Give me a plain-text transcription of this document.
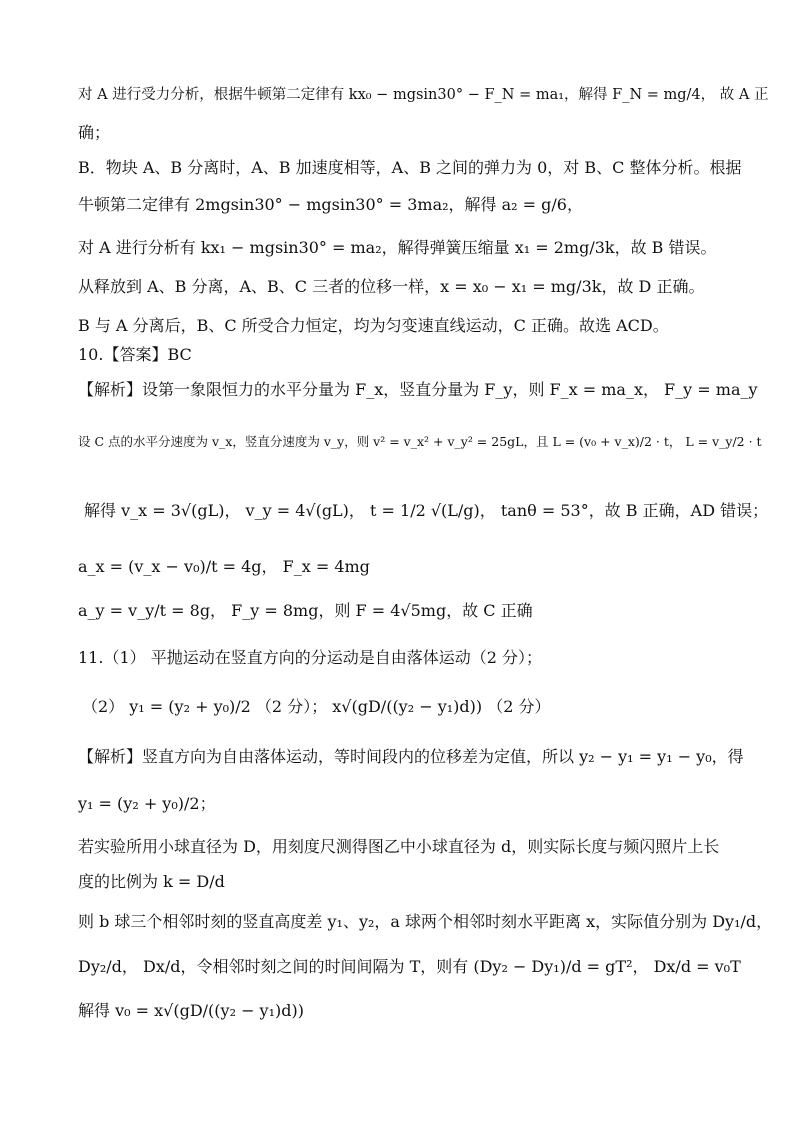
对 A 进行受力分析，根据牛顿第二定律有 kx₀ − mgsin30° − F_N = ma₁，解得 F_N = mg/4， 故 A 正
确；
B．物块 A、B 分离时，A、B 加速度相等，A、B 之间的弹力为 0，对 B、C 整体分析。根据
牛顿第二定律有 2mgsin30° − mgsin30° = 3ma₂，解得 a₂ = g/6，
对 A 进行分析有 kx₁ − mgsin30° = ma₂，解得弹簧压缩量 x₁ = 2mg/3k，故 B 错误。
从释放到 A、B 分离，A、B、C 三者的位移一样，x = x₀ − x₁ = mg/3k，故 D 正确。
B 与 A 分离后，B、C 所受合力恒定，均为匀变速直线运动，C 正确。故选 ACD。
10.【答案】BC
【解析】设第一象限恒力的水平分量为 F_x，竖直分量为 F_y，则 F_x = ma_x， F_y = ma_y
设 C 点的水平分速度为 v_x，竖直分速度为 v_y，则 v² = v_x² + v_y² = 25gL，且 L = (v₀ + v_x)/2 · t， L = v_y/2 · t
解得 v_x = 3√(gL)， v_y = 4√(gL)， t = 1/2 √(L/g)， tanθ = 53°，故 B 正确，AD 错误；
a_x = (v_x − v₀)/t = 4g， F_x = 4mg
a_y = v_y/t = 8g， F_y = 8mg，则 F = 4√5mg，故 C 正确
11.（1） 平抛运动在竖直方向的分运动是自由落体运动（2 分）；
（2） y₁ = (y₂ + y₀)/2 （2 分）； x√(gD/((y₂ − y₁)d)) （2 分）
【解析】竖直方向为自由落体运动，等时间段内的位移差为定值，所以 y₂ − y₁ = y₁ − y₀，得
y₁ = (y₂ + y₀)/2；
若实验所用小球直径为 D，用刻度尺测得图乙中小球直径为 d，则实际长度与频闪照片上长
度的比例为 k = D/d
则 b 球三个相邻时刻的竖直高度差 y₁、y₂，a 球两个相邻时刻水平距离 x，实际值分别为 Dy₁/d，
Dy₂/d， Dx/d，令相邻时刻之间的时间间隔为 T，则有 (Dy₂ − Dy₁)/d = gT²， Dx/d = v₀T
解得 v₀ = x√(gD/((y₂ − y₁)d))
